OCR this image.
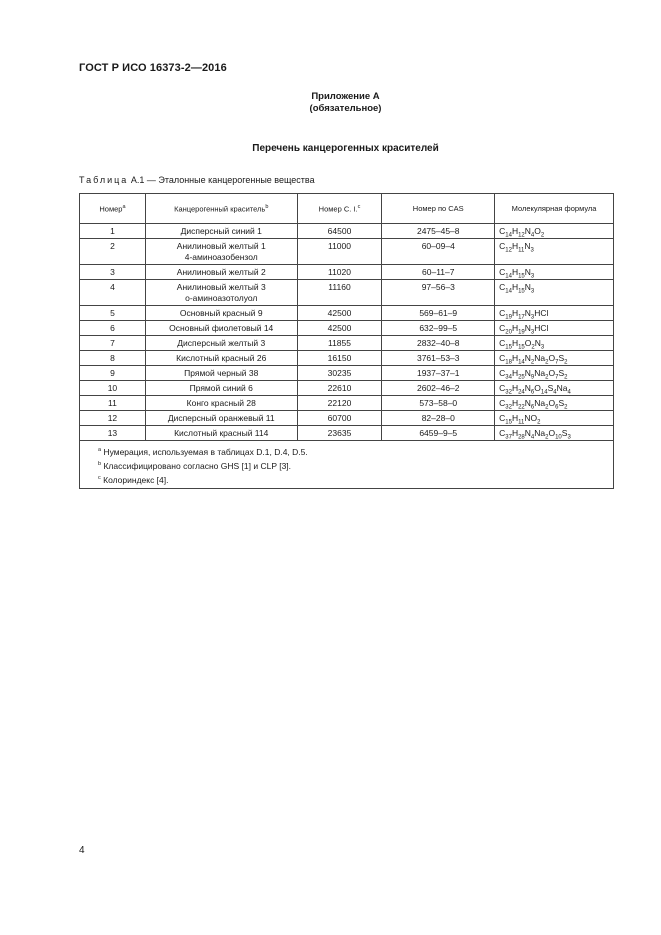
ГОСТ Р ИСО 16373-2—2016
Приложение А
(обязательное)
Перечень канцерогенных красителей
Таблица А.1 — Эталонные канцерогенные вещества
Номер$^a$	Канцерогенный краситель$^b$	Номер C. I.$^c$	Номер по CAS	Молекулярная формула
1	Дисперсный синий 1	64500	2475–45–8	$C_{14}H_{12}N_4O_2$
2	Анилиновый желтый 1
4-аминоазобензол	11000	60–09–4	$C_{12}H_{11}N_3$
3	Анилиновый желтый 2	11020	60–11–7	$C_{14}H_{15}N_3$
4	Анилиновый желтый 3
о-аминоазотолуол	11160	97–56–3	$C_{14}H_{15}N_3$
5	Основный красный 9	42500	569–61–9	$C_{19}H_{17}N_3HCl$
6	Основный фиолетовый 14	42500	632–99–5	$C_{20}H_{19}N_3HCl$
7	Дисперсный желтый 3	11855	2832–40–8	$C_{15}H_{15}O_2N_3$
8	Кислотный красный 26	16150	3761–53–3	$C_{18}H_{14}N_2Na_2O_7S_2$
9	Прямой черный 38	30235	1937–37–1	$C_{34}H_{25}N_9Na_2O_7S_2$
10	Прямой синий 6	22610	2602–46–2	$C_{32}H_{24}N_6O_{14}S_4Na_4$
11	Конго красный 28	22120	573–58–0	$C_{32}H_{22}N_6Na_2O_6S_2$
12	Дисперсный оранжевый 11	60700	82–28–0	$C_{15}H_{11}NO_2$
13	Кислотный красный 114	23635	6459–9–5	$C_{37}H_{28}N_4Na_2O_{10}S_3$

$^a$ Нумерация, используемая в таблицах D.1, D.4, D.5.
$^b$ Классифицировано согласно GHS [1] и CLP [3].
$^c$ Колориндекс [4].				
4
